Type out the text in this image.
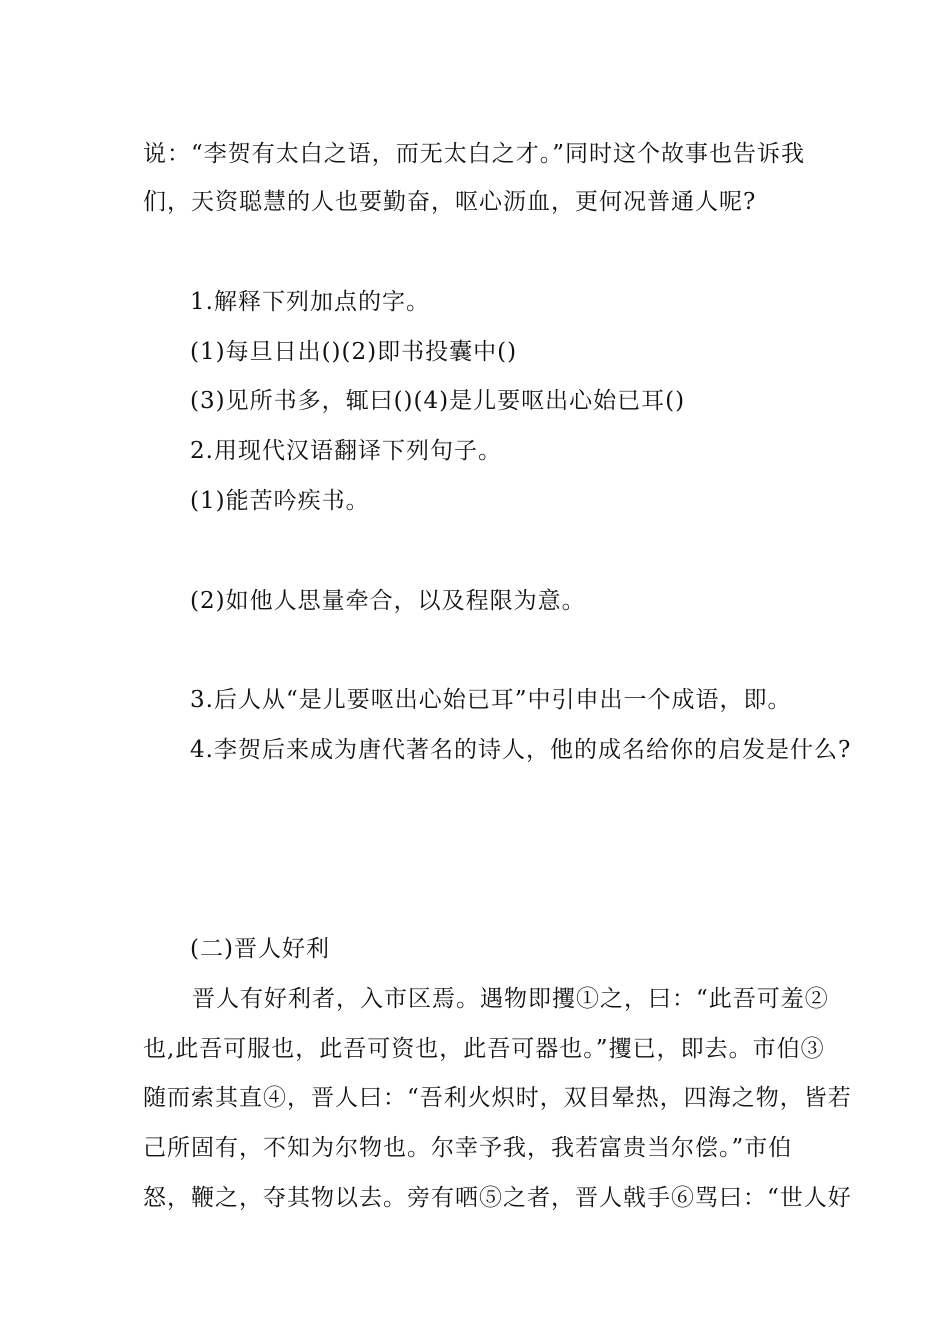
说：“李贺有太白之语，而无太白之才。”同时这个故事也告诉我
们，天资聪慧的人也要勤奋，呕心沥血，更何况普通人呢?
1.解释下列加点的字。
(1)每旦日出()(2)即书投囊中()
(3)见所书多，辄曰()(4)是儿要呕出心始已耳()
2.用现代汉语翻译下列句子。
(1)能苦吟疾书。
(2)如他人思量牵合，以及程限为意。
3.后人从“是儿要呕出心始已耳”中引申出一个成语，即。
4.李贺后来成为唐代著名的诗人，他的成名给你的启发是什么?
(二)晋人好利
晋人有好利者，入市区焉。遇物即攫①之，曰：“此吾可羞②
也,此吾可服也，此吾可资也，此吾可器也。”攫已，即去。市伯③
随而索其直④，晋人曰：“吾利火炽时，双目晕热，四海之物，皆若
己所固有，不知为尔物也。尔幸予我，我若富贵当尔偿。”市伯
怒，鞭之，夺其物以去。旁有哂⑤之者，晋人戟手⑥骂曰：“世人好
